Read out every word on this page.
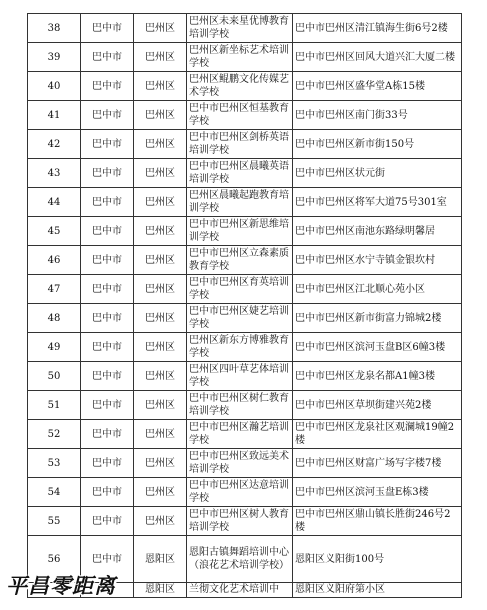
38	巴中市	巴州区	巴州区未来星优博教育培训学校	巴中市巴州区清江镇海生街6号2楼
39	巴中市	巴州区	巴州区新坐标艺术培训学校	巴中市巴州区回风大道兴汇大厦二楼
40	巴中市	巴州区	巴州区鲲鹏文化传媒艺术学校	巴中市巴州区盛华堂A栋15楼
41	巴中市	巴州区	巴中市巴州区恒基教育学校	巴中市巴州区南门街33号
42	巴中市	巴州区	巴中市巴州区剑桥英语培训学校	巴中市巴州区新市街150号
43	巴中市	巴州区	巴中市巴州区晨曦英语培训学校	巴中市巴州区状元街
44	巴中市	巴州区	巴州区晨曦起跑教育培训学校	巴中市巴州区将军大道75号301室
45	巴中市	巴州区	巴中市巴州区新思维培训学校	巴中市巴州区南池东路绿明馨居
46	巴中市	巴州区	巴中市巴州区立森素质教育学校	巴中市巴州区水宁寺镇金银坎村
47	巴中市	巴州区	巴中市巴州区育英培训学校	巴中市巴州区江北顺心苑小区
48	巴中市	巴州区	巴中市巴州区婕艺培训学校	巴中市巴州区新市街富力锦城2楼
49	巴中市	巴州区	巴州区新东方博雅教育学校	巴中市巴州区滨河玉盘B区6幢3楼
50	巴中市	巴州区	巴州区四叶草艺体培训学校	巴中市巴州区龙泉名都A1幢3楼
51	巴中市	巴州区	巴中市巴州区树仁教育培训学校	巴中市巴州区草坝街建兴苑2楼
52	巴中市	巴州区	巴中市巴州区瀚艺培训学校	巴中市巴州区龙泉社区观澜城19幢2楼
53	巴中市	巴州区	巴中市巴州区致远美术培训学校	巴中市巴州区财富广场写字楼7楼
54	巴中市	巴州区	巴中市巴州区达意培训学校	巴中市巴州区滨河玉盘E栋3楼
55	巴中市	巴州区	巴中市巴州区树人教育培训学校	巴中市巴州区鼎山镇长胜街246号2楼
56	巴中市	恩阳区	恩阳古镇舞蹈培训中心（浪花艺术培训学校）	恩阳区义阳街100号
		恩阳区	兰彻文化艺术培训中	恩阳区义阳府第小区
平昌零距离
